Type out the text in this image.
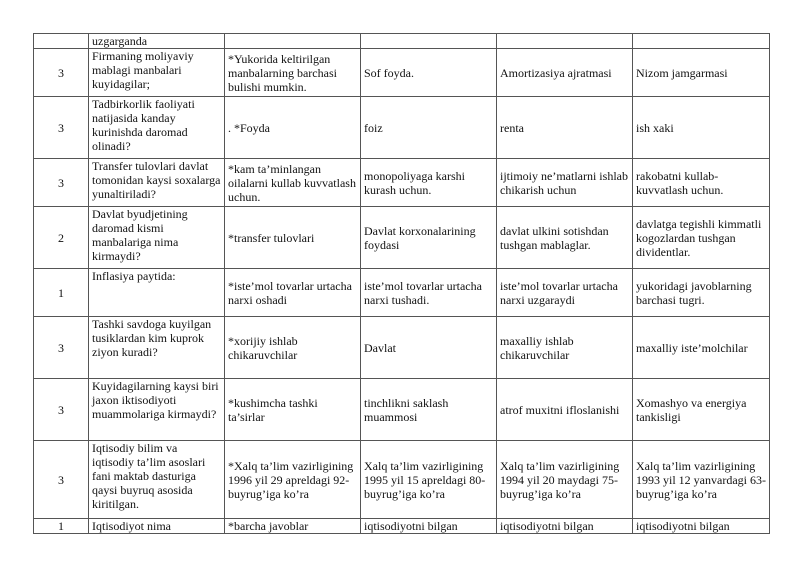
	uzgarganda				
3	Firmaning moliyaviy mablagi manbalari kuyidagilar;	*Yukorida keltirilgan manbalarning barchasi bulishi mumkin.	Sof foyda.	Amortizasiya ajratmasi	Nizom jamgarmasi
3	Tadbirkorlik faoliyati natijasida kanday kurinishda daromad olinadi?	. *Foyda	foiz	renta	ish xaki
3	Transfer tulovlari davlat tomonidan kaysi soxalarga yunaltiriladi?	*kam ta’minlangan oilalarni kullab kuvvatlash uchun.	monopoliyaga karshi kurash uchun.	ijtimoiy ne’matlarni ishlab chikarish uchun	rakobatni kullab-kuvvatlash uchun.
2	Davlat byudjetining daromad kismi manbalariga nima kirmaydi?	*transfer tulovlari	Davlat korxonalarining foydasi	davlat ulkini sotishdan tushgan mablaglar.	davlatga tegishli kimmatli kogozlardan tushgan dividentlar.
1	Inflasiya paytida:	*iste’mol tovarlar urtacha narxi oshadi	iste’mol tovarlar urtacha narxi tushadi.	iste’mol tovarlar urtacha narxi uzgaraydi	yukoridagi javoblarning barchasi tugri.
3	Tashki savdoga kuyilgan tusiklardan kim kuprok ziyon kuradi?	*xorijiy ishlab chikaruvchilar	Davlat	maxalliy ishlab chikaruvchilar	maxalliy iste’molchilar
3	Kuyidagilarning kaysi biri jaxon iktisodiyoti muammolariga kirmaydi?	*kushimcha tashki ta’sirlar	tinchlikni saklash muammosi	atrof muxitni ifloslanishi	Xomashyo va energiya tankisligi
3	Iqtisodiy bilim va iqtisodiy ta’lim asoslari fani maktab dasturiga qaysi buyruq asosida kiritilgan.	*Xalq ta’lim vazirligining 1996 yil 29 apreldagi 92-buyrug’iga ko’ra	Xalq ta’lim vazirligining 1995 yil 15 apreldagi 80-buyrug’iga ko’ra	Xalq ta’lim vazirligining 1994 yil 20 maydagi 75-buyrug’iga ko’ra	Xalq ta’lim vazirligining 1993 yil 12 yanvardagi 63-buyrug’iga ko’ra
1	Iqtisodiyot nima	*barcha javoblar	iqtisodiyotni bilgan	iqtisodiyotni bilgan	iqtisodiyotni bilgan
